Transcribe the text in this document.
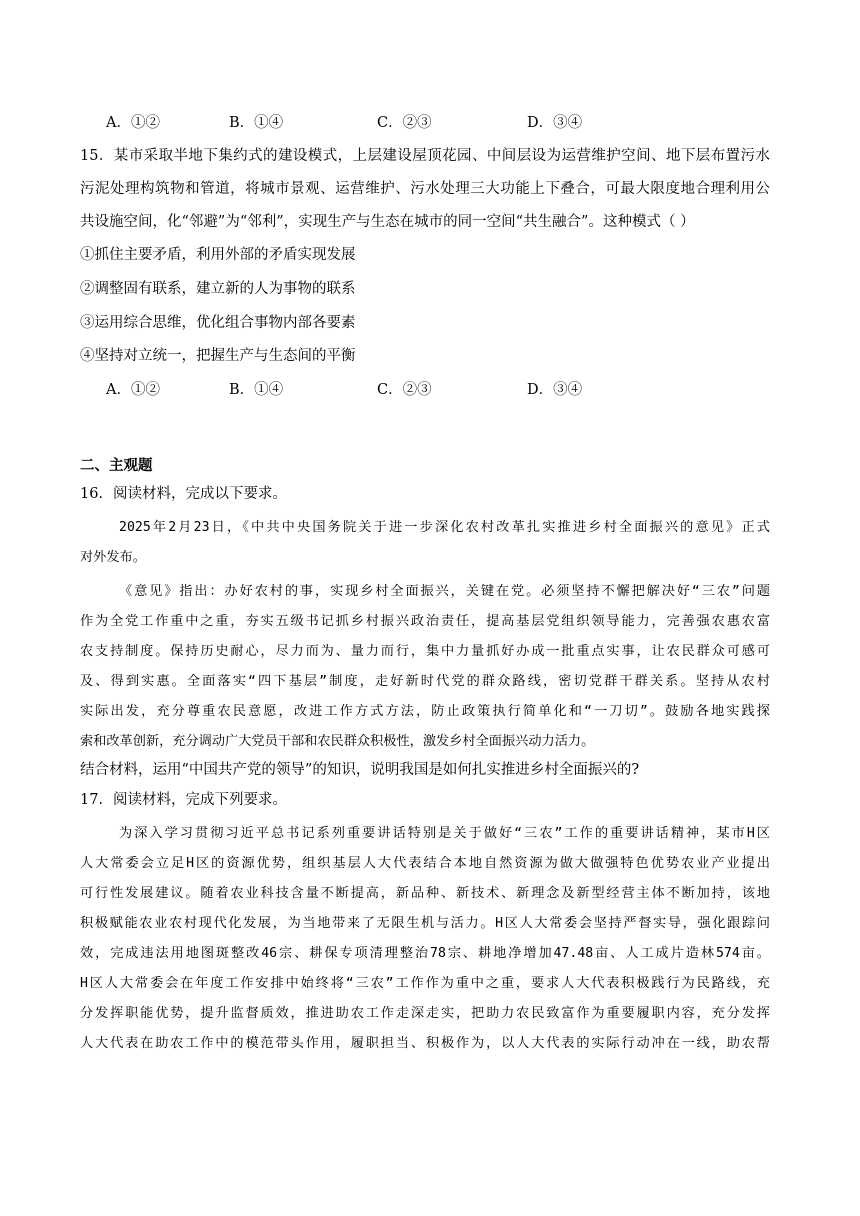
A．①②	B．①④	C．②③	D．③④
15．某市采取半地下集约式的建设模式，上层建设屋顶花园、中间层设为运营维护空间、地下层布置污水
污泥处理构筑物和管道，将城市景观、运营维护、污水处理三大功能上下叠合，可最大限度地合理利用公
共设施空间，化“邻避”为“邻利”，实现生产与生态在城市的同一空间“共生融合”。这种模式（ ）
①抓住主要矛盾，利用外部的矛盾实现发展
②调整固有联系，建立新的人为事物的联系
③运用综合思维，优化组合事物内部各要素
④坚持对立统一，把握生产与生态间的平衡
A．①②	B．①④	C．②③	D．③④
二、主观题
16．阅读材料，完成以下要求。
2025年2月23日，《中共中央国务院关于进一步深化农村改革扎实推进乡村全面振兴的意见》正式
对外发布。
《意见》指出：办好农村的事，实现乡村全面振兴，关键在党。必须坚持不懈把解决好“三农”问题
作为全党工作重中之重，夯实五级书记抓乡村振兴政治责任，提高基层党组织领导能力，完善强农惠农富
农支持制度。保持历史耐心，尽力而为、量力而行，集中力量抓好办成一批重点实事，让农民群众可感可
及、得到实惠。全面落实“四下基层”制度，走好新时代党的群众路线，密切党群干群关系。坚持从农村
实际出发，充分尊重农民意愿，改进工作方式方法，防止政策执行简单化和“一刀切”。鼓励各地实践探
索和改革创新，充分调动广大党员干部和农民群众积极性，激发乡村全面振兴动力活力。
结合材料，运用“中国共产党的领导”的知识，说明我国是如何扎实推进乡村全面振兴的?
17．阅读材料，完成下列要求。
为深入学习贯彻习近平总书记系列重要讲话特别是关于做好“三农”工作的重要讲话精神，某市H区
人大常委会立足H区的资源优势，组织基层人大代表结合本地自然资源为做大做强特色优势农业产业提出
可行性发展建议。随着农业科技含量不断提高，新品种、新技术、新理念及新型经营主体不断加持，该地
积极赋能农业农村现代化发展，为当地带来了无限生机与活力。H区人大常委会坚持严督实导，强化跟踪问
效，完成违法用地图斑整改46宗、耕保专项清理整治78宗、耕地净增加47.48亩、人工成片造林574亩。
H区人大常委会在年度工作安排中始终将“三农”工作作为重中之重，要求人大代表积极践行为民路线，充
分发挥职能优势，提升监督质效，推进助农工作走深走实，把助力农民致富作为重要履职内容，充分发挥
人大代表在助农工作中的模范带头作用，履职担当、积极作为，以人大代表的实际行动冲在一线，助农帮
